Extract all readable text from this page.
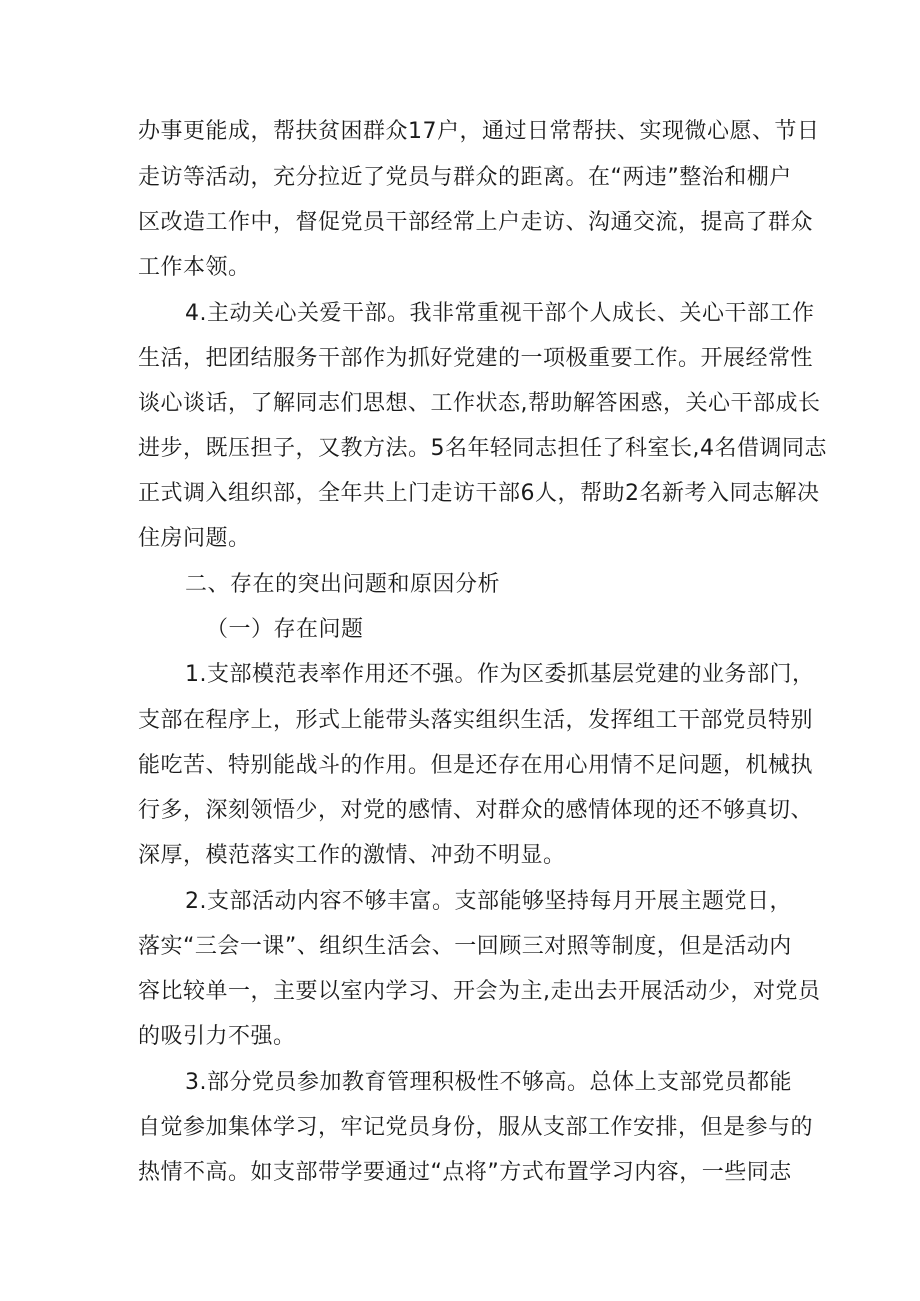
办事更能成，帮扶贫困群众17户，通过日常帮扶、实现微心愿、节日
走访等活动，充分拉近了党员与群众的距离。在“两违”整治和棚户
区改造工作中，督促党员干部经常上户走访、沟通交流，提高了群众
工作本领。
4.主动关心关爱干部。我非常重视干部个人成长、关心干部工作
生活，把团结服务干部作为抓好党建的一项极重要工作。开展经常性
谈心谈话，了解同志们思想、工作状态,帮助解答困惑，关心干部成长
进步，既压担子，又教方法。5名年轻同志担任了科室长,4名借调同志
正式调入组织部，全年共上门走访干部6人，帮助2名新考入同志解决
住房问题。
二、存在的突出问题和原因分析
（一）存在问题
1.支部模范表率作用还不强。作为区委抓基层党建的业务部门，
支部在程序上，形式上能带头落实组织生活，发挥组工干部党员特别
能吃苦、特别能战斗的作用。但是还存在用心用情不足问题，机械执
行多，深刻领悟少，对党的感情、对群众的感情体现的还不够真切、
深厚，模范落实工作的激情、冲劲不明显。
2.支部活动内容不够丰富。支部能够坚持每月开展主题党日，
落实“三会一课”、组织生活会、一回顾三对照等制度，但是活动内
容比较单一，主要以室内学习、开会为主,走出去开展活动少，对党员
的吸引力不强。
3.部分党员参加教育管理积极性不够高。总体上支部党员都能
自觉参加集体学习，牢记党员身份，服从支部工作安排，但是参与的
热情不高。如支部带学要通过“点将”方式布置学习内容，一些同志
